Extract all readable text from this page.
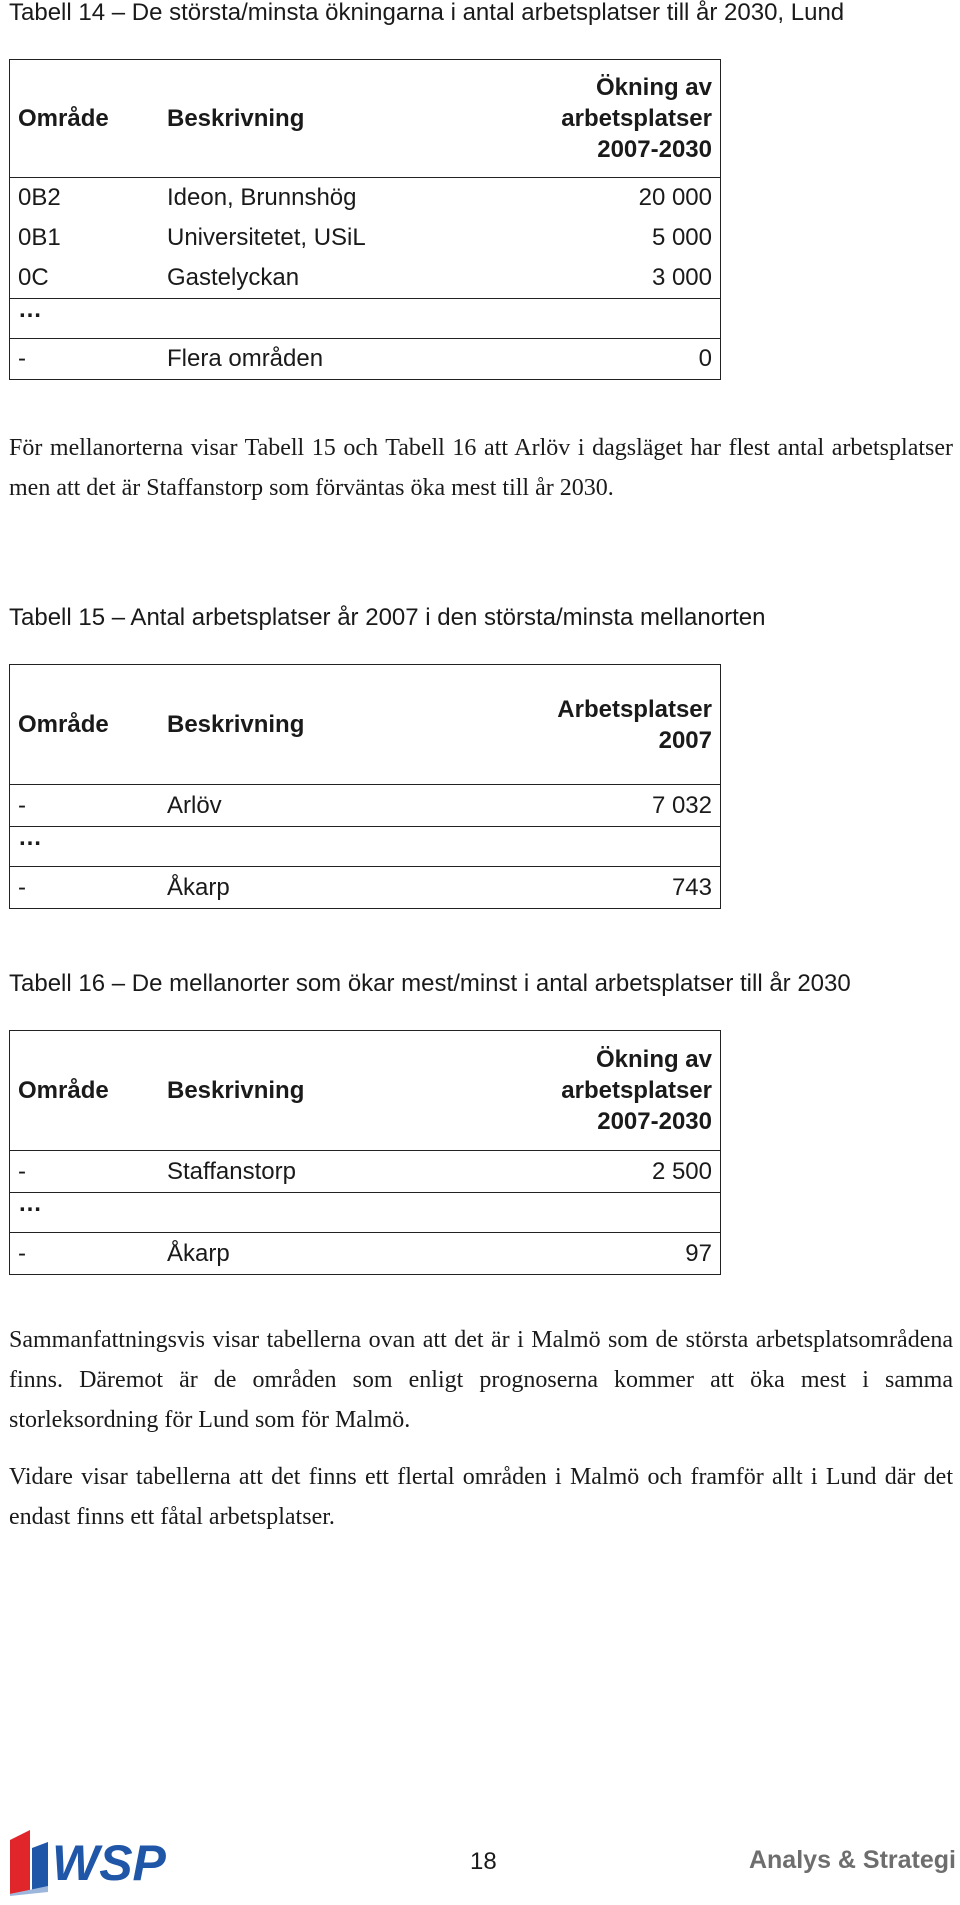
Tabell 14 – De största/minsta ökningarna i antal arbetsplatser till år 2030, Lund

Område	Beskrivning	Ökning av arbetsplatser 2007-2030
0B2	Ideon, Brunnshög	20 000
0B1	Universitetet, USiL	5 000
0C	Gastelyckan	3 000
…		
-	Flera områden	0

För mellanorterna visar Tabell 15 och Tabell 16 att Arlöv i dagsläget har flest antal arbetsplatser men att det är Staffanstorp som förväntas öka mest till år 2030.

Tabell 15 – Antal arbetsplatser år 2007 i den största/minsta mellanorten

Område	Beskrivning	Arbetsplatser 2007
-	Arlöv	7 032
…		
-	Åkarp	743

Tabell 16 – De mellanorter som ökar mest/minst i antal arbetsplatser till år 2030

Område	Beskrivning	Ökning av arbetsplatser 2007-2030
-	Staffanstorp	2 500
…		
-	Åkarp	97

Sammanfattningsvis visar tabellerna ovan att det är i Malmö som de största arbetsplatsområdena finns. Däremot är de områden som enligt prognoserna kommer att öka mest i samma storleksordning för Lund som för Malmö.

Vidare visar tabellerna att det finns ett flertal områden i Malmö och framför allt i Lund där det endast finns ett fåtal arbetsplatser.

WSP	18	Analys & Strategi
